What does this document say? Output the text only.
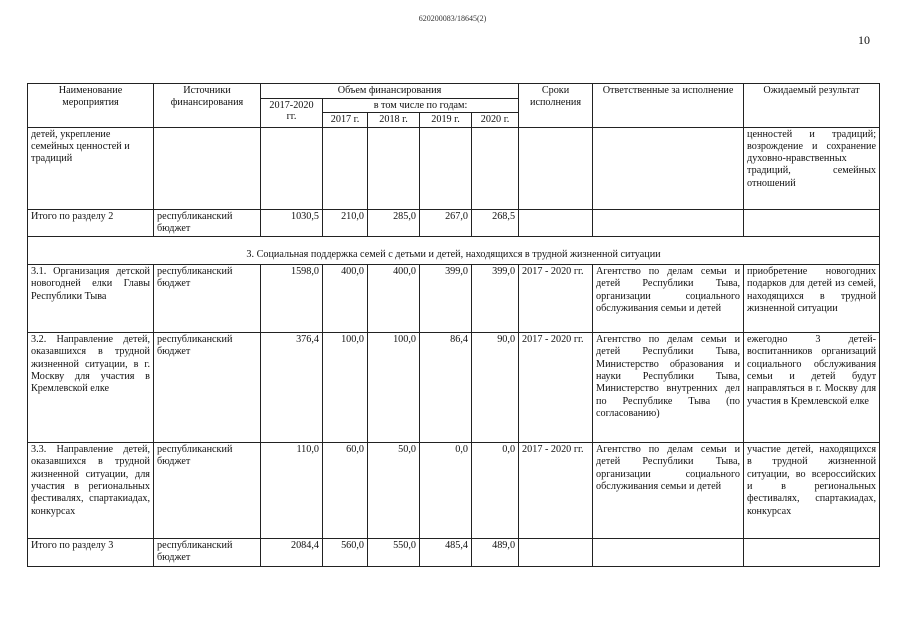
620200083/18645(2)
10
Наименование мероприятия	Источники финансирования	Объем финансирования					Сроки исполнения	Ответственные за исполнение	Ожидаемый результат
		2017-2020 гг.	в том числе по годам:						
			2017 г.	2018 г.	2019 г.	2020 г.			
детей, укрепление семейных ценностей и традиций									ценностей и традиций; возрождение и сохранение духовно-нравственных традиций, семейных отношений
Итого по разделу 2	республиканский бюджет	1030,5	210,0	285,0	267,0	268,5			
3. Социальная поддержка семей с детьми и детей, находящихся в трудной жизненной ситуации									
3.1. Организация детской новогодней елки Главы Республики Тыва	республиканский бюджет	1598,0	400,0	400,0	399,0	399,0	2017 - 2020 гг.	Агентство по делам семьи и детей Республики Тыва, организации социального обслуживания семьи и детей	приобретение новогодних подарков для детей из семей, находящихся в трудной жизненной ситуации
3.2. Направление детей, оказавшихся в трудной жизненной ситуации, в г. Москву для участия в Кремлевской елке	республиканский бюджет	376,4	100,0	100,0	86,4	90,0	2017 - 2020 гг.	Агентство по делам семьи и детей Республики Тыва, Министерство образования и науки Республики Тыва, Министерство внутренних дел по Республике Тыва (по согласованию)	ежегодно 3 детей-воспитанников организаций социального обслуживания семьи и детей будут направляться в г. Москву для участия в Кремлевской елке
3.3. Направление детей, оказавшихся в трудной жизненной ситуации, для участия в региональных фестивалях, спартакиадах, конкурсах	республиканский бюджет	110,0	60,0	50,0	0,0	0,0	2017 - 2020 гг.	Агентство по делам семьи и детей Республики Тыва, организации социального обслуживания семьи и детей	участие детей, находящихся в трудной жизненной ситуации, во всероссийских и в региональных фестивалях, спартакиадах, конкурсах
Итого по разделу 3	республиканский бюджет	2084,4	560,0	550,0	485,4	489,0			
